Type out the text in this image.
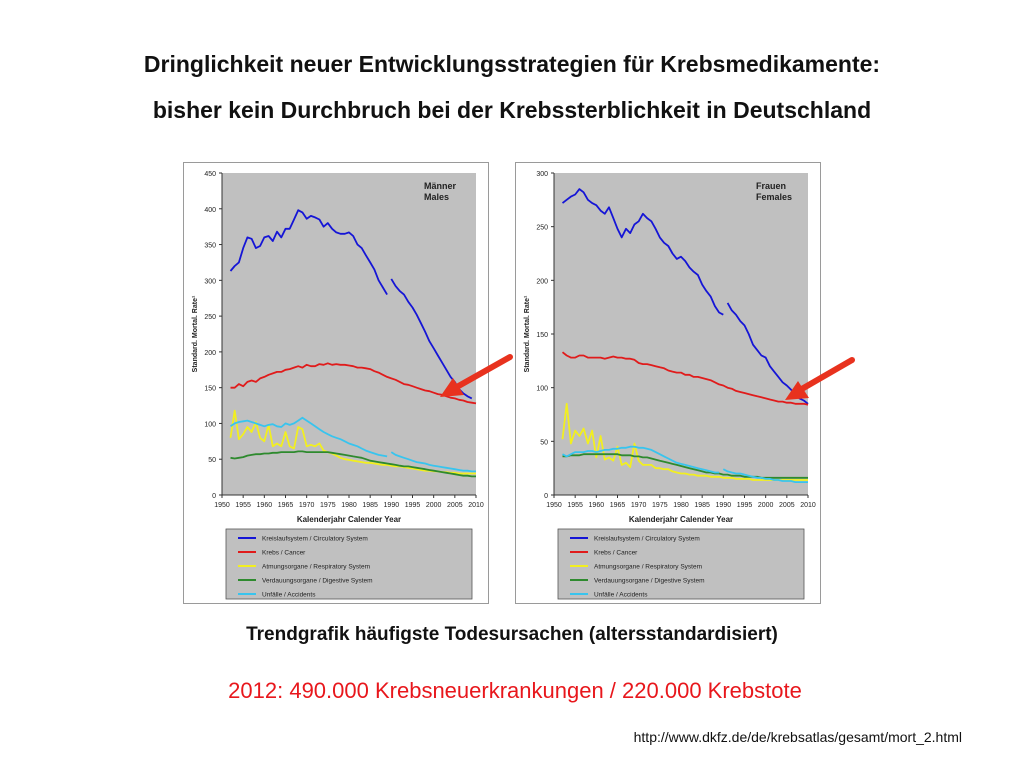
Dringlichkeit neuer Entwicklungsstrategien für Krebsmedikamente:
bisher kein Durchbruch bei der Krebssterblichkeit in Deutschland
0
50
100
150
200
250
300
350
400
450
1950 1955 1960 1965 1970 1975 1980 1985 1990 1995 2000 2005 2010
Kalenderjahr Calender Year
Standard. Mortal. Rate¹
Männer
Males
Kreislaufsystem / Circulatory System
Krebs / Cancer
Atmungsorgane / Respiratory System
Verdauungsorgane / Digestive System
Unfälle / Accidents
0
50
100
150
200
250
300
1950 1955 1960 1965 1970 1975 1980 1985 1990 1995 2000 2005 2010
Kalenderjahr Calender Year
Standard. Mortal. Rate¹
Frauen
Females
Kreislaufsystem / Circulatory System
Krebs / Cancer
Atmungsorgane / Respiratory System
Verdauungsorgane / Digestive System
Unfälle / Accidents
Trendgrafik häufigste Todesursachen (altersstandardisiert)
2012: 490.000 Krebsneuerkrankungen / 220.000 Krebstote
http://www.dkfz.de/de/krebsatlas/gesamt/mort_2.html
